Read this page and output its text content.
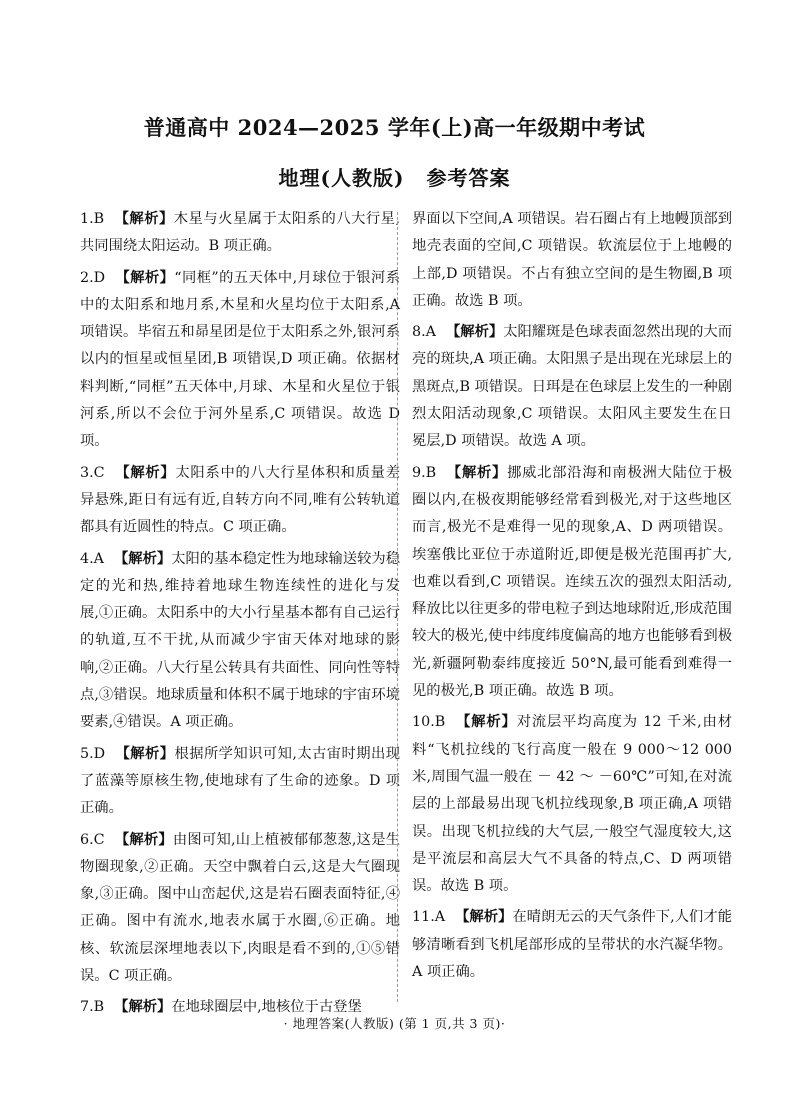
普通高中 2024—2025 学年(上)高一年级期中考试
地理(人教版) 参考答案
1.B 【解析】木星与火星属于太阳系的八大行星,共同围绕太阳运动。B 项正确。
2.D 【解析】“同框”的五天体中,月球位于银河系中的太阳系和地月系,木星和火星均位于太阳系,A 项错误。毕宿五和昴星团是位于太阳系之外,银河系以内的恒星或恒星团,B 项错误,D 项正确。依据材料判断,“同框”五天体中,月球、木星和火星位于银河系,所以不会位于河外星系,C 项错误。故选 D 项。
3.C 【解析】太阳系中的八大行星体积和质量差异悬殊,距日有远有近,自转方向不同,唯有公转轨道都具有近圆性的特点。C 项正确。
4.A 【解析】太阳的基本稳定性为地球输送较为稳定的光和热,维持着地球生物连续性的进化与发展,①正确。太阳系中的大小行星基本都有自己运行的轨道,互不干扰,从而减少宇宙天体对地球的影响,②正确。八大行星公转具有共面性、同向性等特点,③错误。地球质量和体积不属于地球的宇宙环境要素,④错误。A 项正确。
5.D 【解析】根据所学知识可知,太古宙时期出现了蓝藻等原核生物,使地球有了生命的迹象。D 项正确。
6.C 【解析】由图可知,山上植被郁郁葱葱,这是生物圈现象,②正确。天空中飘着白云,这是大气圈现象,③正确。图中山峦起伏,这是岩石圈表面特征,④正确。图中有流水,地表水属于水圈,⑥正确。地核、软流层深埋地表以下,肉眼是看不到的,①⑤错误。C 项正确。
7.B 【解析】在地球圈层中,地核位于古登堡
界面以下空间,A 项错误。岩石圈占有上地幔顶部到地壳表面的空间,C 项错误。软流层位于上地幔的上部,D 项错误。不占有独立空间的是生物圈,B 项正确。故选 B 项。
8.A 【解析】太阳耀斑是色球表面忽然出现的大而亮的斑块,A 项正确。太阳黑子是出现在光球层上的黑斑点,B 项错误。日珥是在色球层上发生的一种剧烈太阳活动现象,C 项错误。太阳风主要发生在日冕层,D 项错误。故选 A 项。
9.B 【解析】挪威北部沿海和南极洲大陆位于极圈以内,在极夜期能够经常看到极光,对于这些地区而言,极光不是难得一见的现象,A、D 两项错误。埃塞俄比亚位于赤道附近,即便是极光范围再扩大,也难以看到,C 项错误。连续五次的强烈太阳活动,释放比以往更多的带电粒子到达地球附近,形成范围较大的极光,使中纬度纬度偏高的地方也能够看到极光,新疆阿勒泰纬度接近 50°N,最可能看到难得一见的极光,B 项正确。故选 B 项。
10.B 【解析】对流层平均高度为 12 千米,由材料“飞机拉线的飞行高度一般在 9 000～12 000 米,周围气温一般在 － 42 ～ －60℃”可知,在对流层的上部最易出现飞机拉线现象,B 项正确,A 项错误。出现飞机拉线的大气层,一般空气湿度较大,这是平流层和高层大气不具备的特点,C、D 两项错误。故选 B 项。
11.A 【解析】在晴朗无云的天气条件下,人们才能够清晰看到飞机尾部形成的呈带状的水汽凝华物。A 项正确。
· 地理答案(人教版) (第 1 页,共 3 页)·
